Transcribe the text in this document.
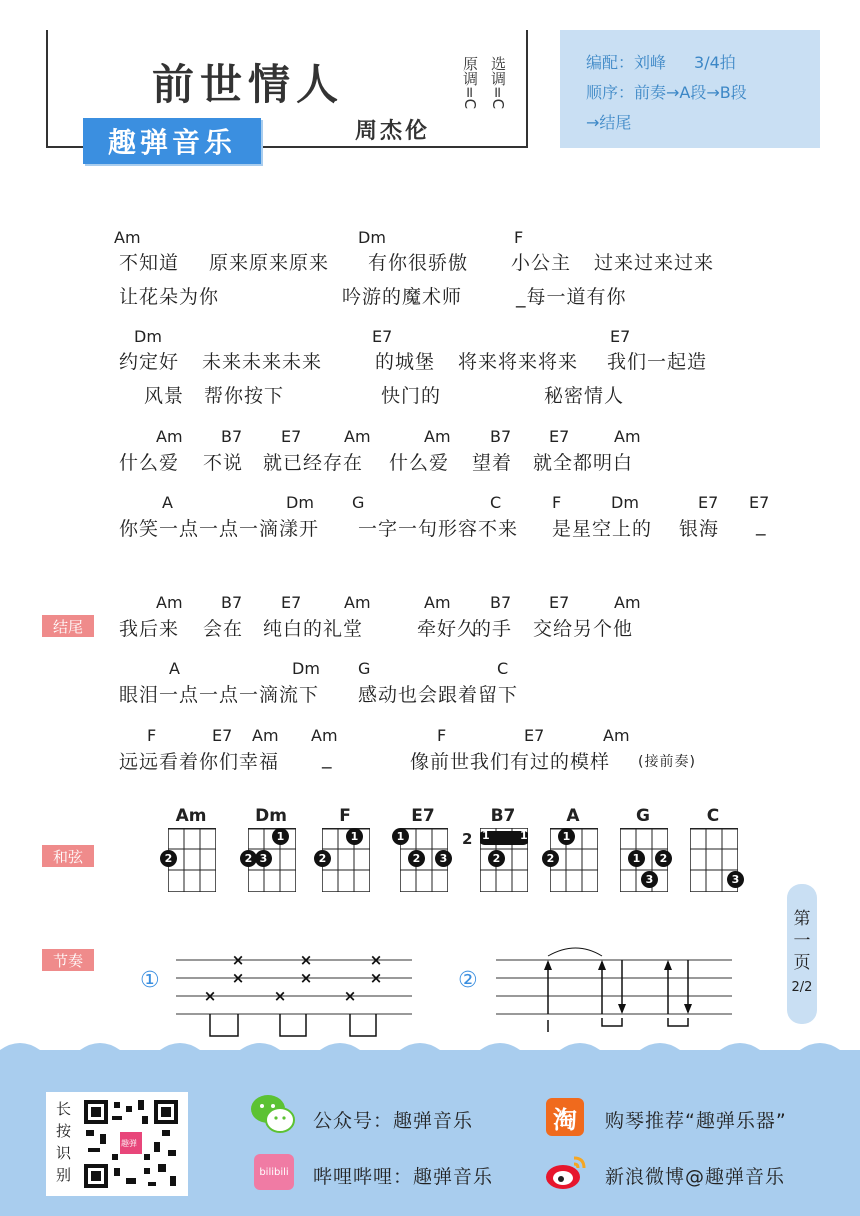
前世情人
周杰伦
原调=C 选调=C
趣弹音乐
编配：刘峰 3/4拍
顺序：前奏→A段→B段
→结尾
Am	Dm	F
不知道 原来原来原来 有你很骄傲 小公主 过来过来过来
让花朵为你	吟游的魔术师	_每一道有你
Dm	E7	E7
约定好 未来未来未来	的城堡 将来将来将来 我们一起造
风景 帮你按下	快门的	秘密情人
Am B7 E7	Am	Am B7 E7	Am
什么爱 不说 就已经存在 什么爱 望着 就全都明白
A	Dm G	C	F	Dm	E7 E7
你笑一点一点一滴漾开 一字一句形容不来 是星空上的 银海 _
结尾
Am B7 E7	Am	Am B7 E7	Am
我后来 会在 纯白的礼堂	牵好久
的手 交给另个他
A	Dm G	C
眼泪一点一点一滴流下 感动也会跟着留下
F	E7 Am Am	F	E7	Am
远远看着你们幸福 _	像前世我们有过的模样 (接前奏)
和弦
Am
2
Dm
1
2 3
F
1
2
E7
1
2	3
B7
2 1	1
2
A
1
2
G
1	2
3
C
3
节奏
①
×	×	×
×	×	×
×	×	×
②
第一页
2/2
长按识别
趣弹
公众号：趣弹音乐
bilibili 哔哩哔哩：趣弹音乐
淘	购琴推荐“趣弹乐器”
新浪微博@趣弹音乐
